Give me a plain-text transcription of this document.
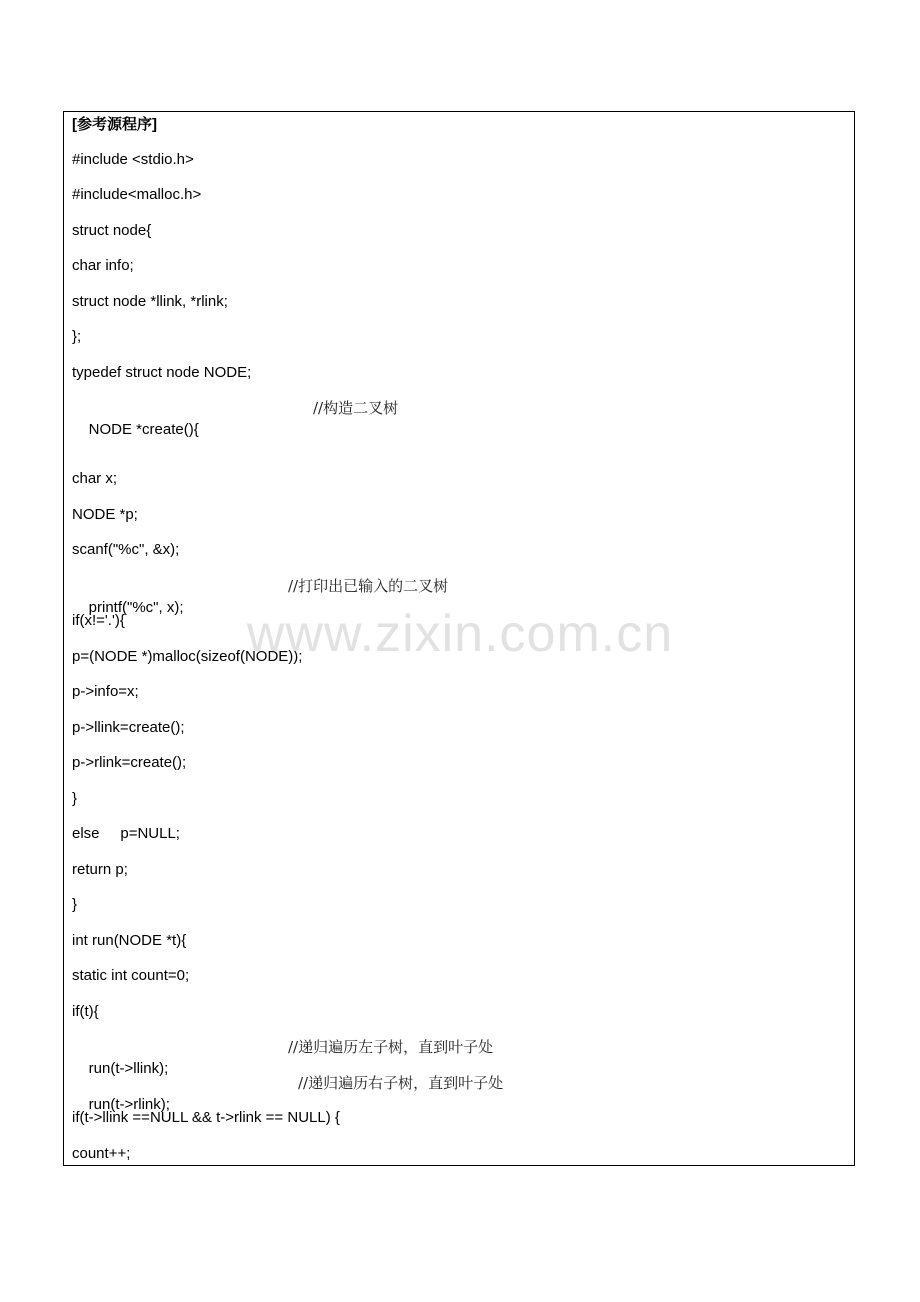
[参考源程序]
#include <stdio.h>
#include<malloc.h>
struct node{
char info;
struct node *llink, *rlink;
};
typedef struct node NODE;

NODE *create(){

//构造二叉树

char x;
NODE *p;
scanf("%c", &x);

printf("%c", x);

//打印出已输入的二叉树

if(x!='.'){
p=(NODE *)malloc(sizeof(NODE));
p->info=x;
p->llink=create();
p->rlink=create();
}
else     p=NULL;
return p;
}
int run(NODE *t){
static int count=0;
if(t){

run(t->llink);

//递归遍历左子树，直到叶子处

run(t->rlink);

//递归遍历右子树，直到叶子处

if(t->llink ==NULL && t->rlink == NULL) {
count++;
www.zixin.com.cn
